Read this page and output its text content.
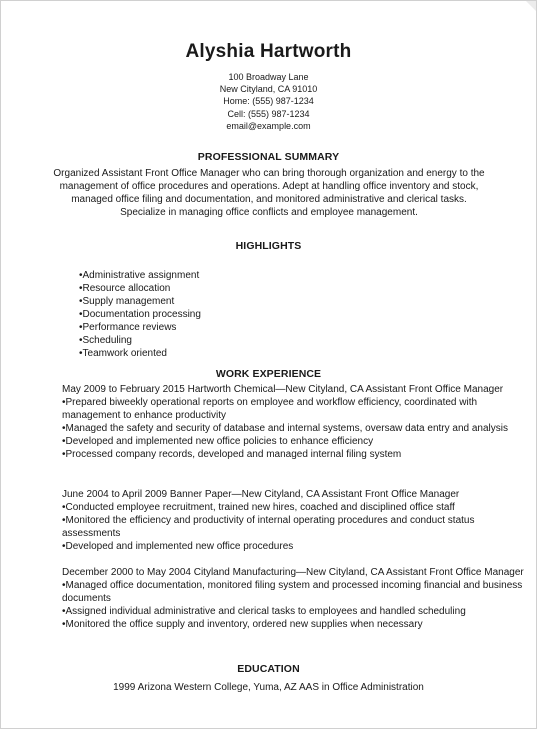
Alyshia Hartworth
100 Broadway Lane
New Cityland, CA 91010
Home: (555) 987-1234
Cell: (555) 987-1234
email@example.com
PROFESSIONAL SUMMARY
Organized Assistant Front Office Manager who can bring thorough organization and energy to the management of office procedures and operations. Adept at handling office inventory and stock, managed office filing and documentation, and monitored administrative and clerical tasks. Specialize in managing office conflicts and employee management.
HIGHLIGHTS
•Administrative assignment
•Resource allocation
•Supply management
•Documentation processing
•Performance reviews
•Scheduling
•Teamwork oriented
WORK EXPERIENCE
May 2009 to February 2015 Hartworth Chemical—New Cityland, CA Assistant Front Office Manager
•Prepared biweekly operational reports on employee and workflow efficiency, coordinated with management to enhance productivity
•Managed the safety and security of database and internal systems, oversaw data entry and analysis
•Developed and implemented new office policies to enhance efficiency
•Processed company records, developed and managed internal filing system
June 2004 to April 2009 Banner Paper—New Cityland, CA Assistant Front Office Manager
•Conducted employee recruitment, trained new hires, coached and disciplined office staff
•Monitored the efficiency and productivity of internal operating procedures and conduct status assessments
•Developed and implemented new office procedures
December 2000 to May 2004 Cityland Manufacturing—New Cityland, CA Assistant Front Office Manager
•Managed office documentation, monitored filing system and processed incoming financial and business documents
•Assigned individual administrative and clerical tasks to employees and handled scheduling
•Monitored the office supply and inventory, ordered new supplies when necessary
EDUCATION
1999 Arizona Western College, Yuma, AZ AAS in Office Administration
